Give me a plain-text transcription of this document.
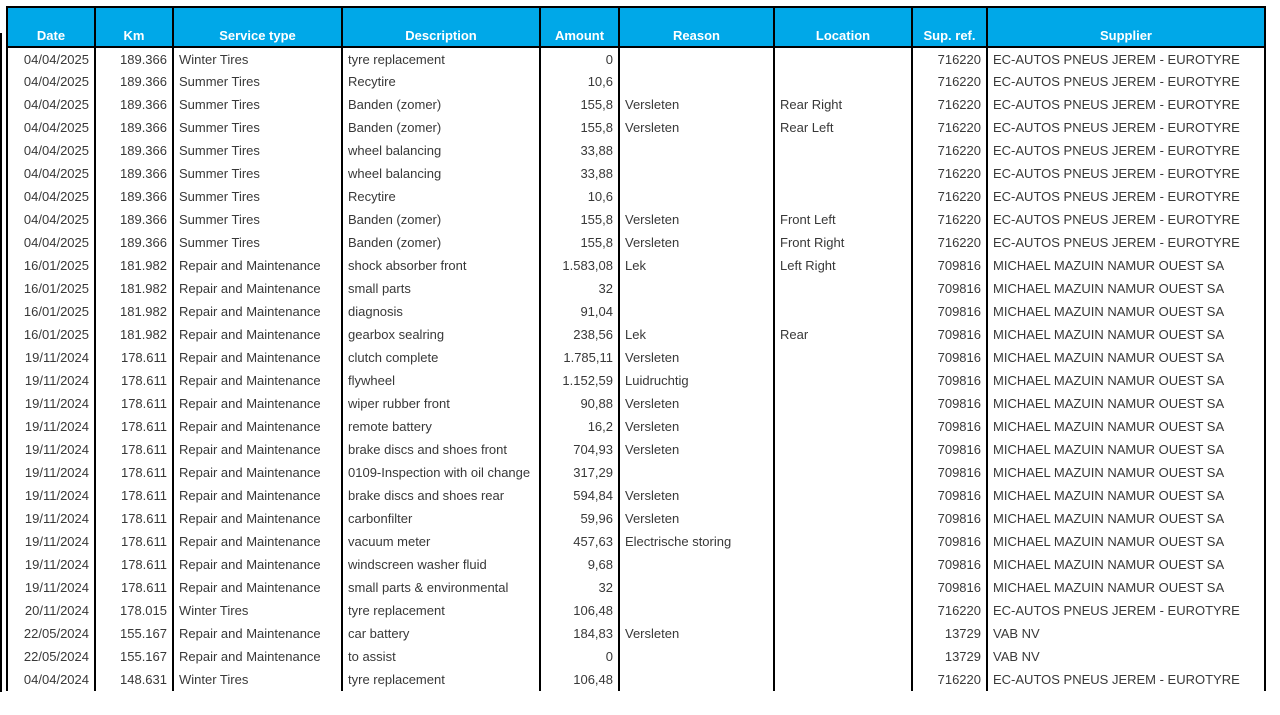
Date	Km	Service type	Description	Amount	Reason	Location	Sup. ref.	Supplier
04/04/2025	189.366	Winter Tires	tyre replacement	0			716220	EC-AUTOS PNEUS JEREM - EUROTYRE
04/04/2025	189.366	Summer Tires	Recytire	10,6			716220	EC-AUTOS PNEUS JEREM - EUROTYRE
04/04/2025	189.366	Summer Tires	Banden (zomer)	155,8	Versleten	Rear Right	716220	EC-AUTOS PNEUS JEREM - EUROTYRE
04/04/2025	189.366	Summer Tires	Banden (zomer)	155,8	Versleten	Rear Left	716220	EC-AUTOS PNEUS JEREM - EUROTYRE
04/04/2025	189.366	Summer Tires	wheel balancing	33,88			716220	EC-AUTOS PNEUS JEREM - EUROTYRE
04/04/2025	189.366	Summer Tires	wheel balancing	33,88			716220	EC-AUTOS PNEUS JEREM - EUROTYRE
04/04/2025	189.366	Summer Tires	Recytire	10,6			716220	EC-AUTOS PNEUS JEREM - EUROTYRE
04/04/2025	189.366	Summer Tires	Banden (zomer)	155,8	Versleten	Front Left	716220	EC-AUTOS PNEUS JEREM - EUROTYRE
04/04/2025	189.366	Summer Tires	Banden (zomer)	155,8	Versleten	Front Right	716220	EC-AUTOS PNEUS JEREM - EUROTYRE
16/01/2025	181.982	Repair and Maintenance	shock absorber front	1.583,08	Lek	Left Right	709816	MICHAEL MAZUIN NAMUR OUEST SA
16/01/2025	181.982	Repair and Maintenance	small parts	32			709816	MICHAEL MAZUIN NAMUR OUEST SA
16/01/2025	181.982	Repair and Maintenance	diagnosis	91,04			709816	MICHAEL MAZUIN NAMUR OUEST SA
16/01/2025	181.982	Repair and Maintenance	gearbox sealring	238,56	Lek	Rear	709816	MICHAEL MAZUIN NAMUR OUEST SA
19/11/2024	178.611	Repair and Maintenance	clutch complete	1.785,11	Versleten		709816	MICHAEL MAZUIN NAMUR OUEST SA
19/11/2024	178.611	Repair and Maintenance	flywheel	1.152,59	Luidruchtig		709816	MICHAEL MAZUIN NAMUR OUEST SA
19/11/2024	178.611	Repair and Maintenance	wiper rubber front	90,88	Versleten		709816	MICHAEL MAZUIN NAMUR OUEST SA
19/11/2024	178.611	Repair and Maintenance	remote battery	16,2	Versleten		709816	MICHAEL MAZUIN NAMUR OUEST SA
19/11/2024	178.611	Repair and Maintenance	brake discs and shoes front	704,93	Versleten		709816	MICHAEL MAZUIN NAMUR OUEST SA
19/11/2024	178.611	Repair and Maintenance	0109-Inspection with oil change	317,29			709816	MICHAEL MAZUIN NAMUR OUEST SA
19/11/2024	178.611	Repair and Maintenance	brake discs and shoes rear	594,84	Versleten		709816	MICHAEL MAZUIN NAMUR OUEST SA
19/11/2024	178.611	Repair and Maintenance	carbonfilter	59,96	Versleten		709816	MICHAEL MAZUIN NAMUR OUEST SA
19/11/2024	178.611	Repair and Maintenance	vacuum meter	457,63	Electrische storing		709816	MICHAEL MAZUIN NAMUR OUEST SA
19/11/2024	178.611	Repair and Maintenance	windscreen washer fluid	9,68			709816	MICHAEL MAZUIN NAMUR OUEST SA
19/11/2024	178.611	Repair and Maintenance	small parts & environmental	32			709816	MICHAEL MAZUIN NAMUR OUEST SA
20/11/2024	178.015	Winter Tires	tyre replacement	106,48			716220	EC-AUTOS PNEUS JEREM - EUROTYRE
22/05/2024	155.167	Repair and Maintenance	car battery	184,83	Versleten		13729	VAB NV
22/05/2024	155.167	Repair and Maintenance	to assist	0			13729	VAB NV
04/04/2024	148.631	Winter Tires	tyre replacement	106,48			716220	EC-AUTOS PNEUS JEREM - EUROTYRE
